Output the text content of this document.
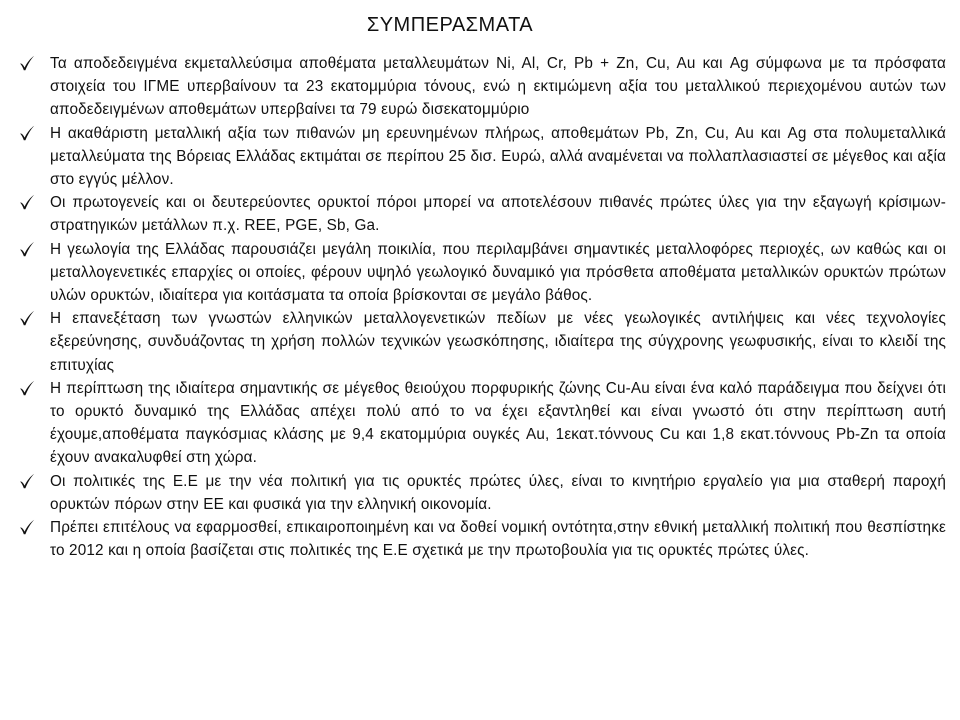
ΣΥΜΠΕΡΑΣΜΑΤΑ
Τα αποδεδειγμένα εκμεταλλεύσιμα αποθέματα μεταλλευμάτων Ni, Al, Cr, Pb + Zn, Cu, Au και Ag σύμφωνα με τα πρόσφατα στοιχεία του ΙΓΜΕ υπερβαίνουν τα 23 εκατομμύρια τόνους, ενώ η εκτιμώμενη αξία του μεταλλικού περιεχομένου αυτών των αποδεδειγμένων αποθεμάτων υπερβαίνει τα 79 ευρώ δισεκατομμύριο
Η ακαθάριστη μεταλλική αξία των πιθανών μη ερευνημένων πλήρως, αποθεμάτων Pb, Zn, Cu, Au και Ag στα πολυμεταλλικά μεταλλεύματα της Βόρειας Ελλάδας εκτιμάται σε περίπου 25 δισ. Ευρώ, αλλά αναμένεται να πολλαπλασιαστεί σε μέγεθος και αξία στο εγγύς μέλλον.
Οι πρωτογενείς και οι δευτερεύοντες ορυκτοί πόροι μπορεί να αποτελέσουν πιθανές πρώτες ύλες για την εξαγωγή κρίσιμων-στρατηγικών μετάλλων π.χ. REE, PGE, Sb, Ga.
Η γεωλογία της Ελλάδας παρουσιάζει μεγάλη ποικιλία, που περιλαμβάνει σημαντικές μεταλλοφόρες περιοχές, ων καθώς και οι μεταλλογενετικές επαρχίες οι οποίες, φέρουν υψηλό γεωλογικό δυναμικό για πρόσθετα αποθέματα μεταλλικών ορυκτών πρώτων υλών ορυκτών, ιδιαίτερα για κοιτάσματα τα οποία βρίσκονται σε μεγάλο βάθος.
Η επανεξέταση των γνωστών ελληνικών μεταλλογενετικών πεδίων με νέες γεωλογικές αντιλήψεις και νέες τεχνολογίες εξερεύνησης, συνδυάζοντας τη χρήση πολλών τεχνικών γεωσκόπησης, ιδιαίτερα της σύγχρονης γεωφυσικής, είναι το κλειδί της επιτυχίας
Η περίπτωση της ιδιαίτερα σημαντικής σε μέγεθος θειούχου πορφυρικής ζώνης Cu-Au είναι ένα καλό παράδειγμα που δείχνει ότι το ορυκτό δυναμικό της Ελλάδας απέχει πολύ από το να έχει εξαντληθεί και είναι γνωστό ότι στην περίπτωση αυτή έχουμε,αποθέματα παγκόσμιας κλάσης με 9,4 εκατομμύρια ουγκές Au, 1εκατ.τόννους Cu και 1,8 εκατ.τόννους Pb-Zn τα οποία έχουν ανακαλυφθεί στη χώρα.
Οι πολιτικές της Ε.Ε με την νέα πολιτική για τις ορυκτές πρώτες ύλες, είναι το κινητήριο εργαλείο για μια σταθερή παροχή ορυκτών πόρων στην ΕΕ και φυσικά για την ελληνική οικονομία.
Πρέπει επιτέλους να εφαρμοσθεί, επικαιροποιημένη και να δοθεί νομική οντότητα,στην εθνική μεταλλική πολιτική που θεσπίστηκε το 2012 και η οποία βασίζεται στις πολιτικές της Ε.Ε σχετικά με την πρωτοβουλία για τις ορυκτές πρώτες ύλες.
